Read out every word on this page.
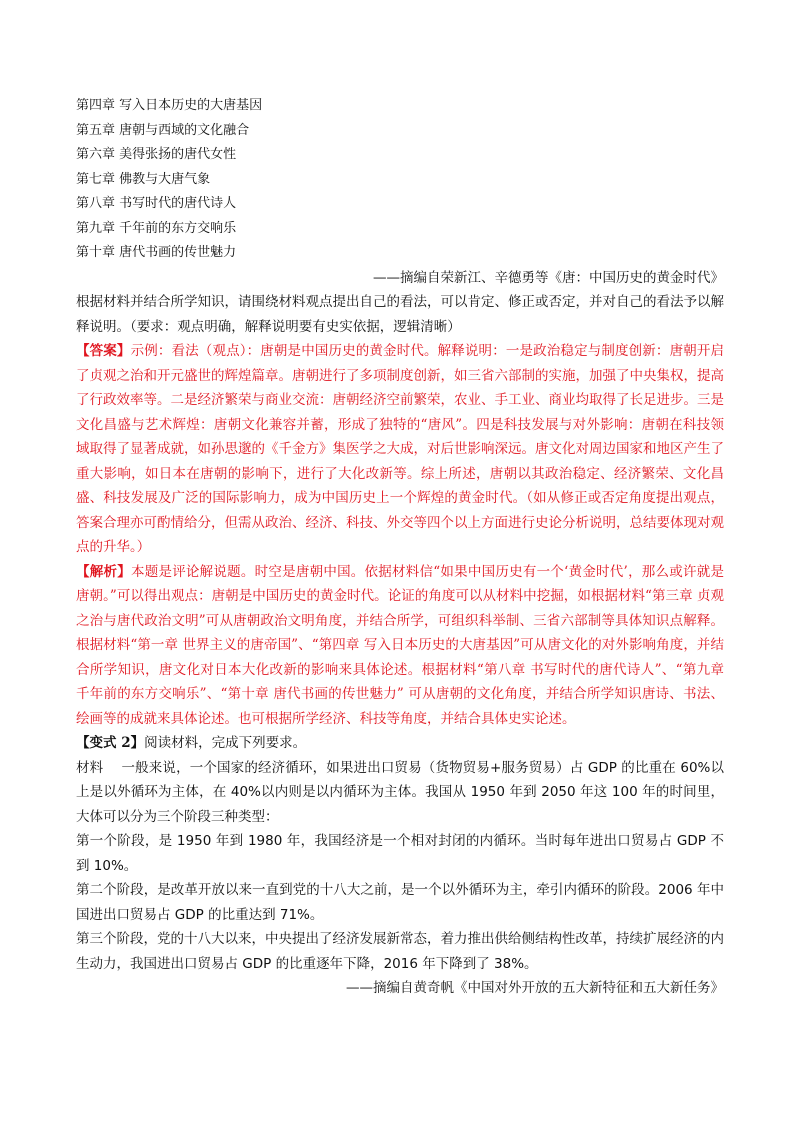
第四章 写入日本历史的大唐基因
第五章 唐朝与西域的文化融合
第六章 美得张扬的唐代女性
第七章 佛教与大唐气象
第八章 书写时代的唐代诗人
第九章 千年前的东方交响乐
第十章 唐代书画的传世魅力
——摘编自荣新江、辛德勇等《唐：中国历史的黄金时代》
根据材料并结合所学知识，请围绕材料观点提出自己的看法，可以肯定、修正或否定，并对自己的看法予以解释说明。（要求：观点明确，解释说明要有史实依据，逻辑清晰）
【答案】示例：看法（观点）：唐朝是中国历史的黄金时代。解释说明：一是政治稳定与制度创新：唐朝开启了贞观之治和开元盛世的辉煌篇章。唐朝进行了多项制度创新，如三省六部制的实施，加强了中央集权，提高了行政效率等。二是经济繁荣与商业交流：唐朝经济空前繁荣，农业、手工业、商业均取得了长足进步。三是文化昌盛与艺术辉煌：唐朝文化兼容并蓄，形成了独特的“唐风”。四是科技发展与对外影响：唐朝在科技领域取得了显著成就，如孙思邈的《千金方》集医学之大成，对后世影响深远。唐文化对周边国家和地区产生了重大影响，如日本在唐朝的影响下，进行了大化改新等。综上所述，唐朝以其政治稳定、经济繁荣、文化昌盛、科技发展及广泛的国际影响力，成为中国历史上一个辉煌的黄金时代。（如从修正或否定角度提出观点，答案合理亦可酌情给分，但需从政治、经济、科技、外交等四个以上方面进行史论分析说明，总结要体现对观点的升华。）
【解析】本题是评论解说题。时空是唐朝中国。依据材料信“如果中国历史有一个‘黄金时代’，那么或许就是唐朝。”可以得出观点：唐朝是中国历史的黄金时代。论证的角度可以从材料中挖掘，如根据材料“第三章 贞观之治与唐代政治文明”可从唐朝政治文明角度，并结合所学，可组织科举制、三省六部制等具体知识点解释。根据材料“第一章 世界主义的唐帝国”、“第四章 写入日本历史的大唐基因”可从唐文化的对外影响角度，并结合所学知识，唐文化对日本大化改新的影响来具体论述。根据材料“第八章 书写时代的唐代诗人”、“第九章 千年前的东方交响乐”、“第十章 唐代书画的传世魅力” 可从唐朝的文化角度，并结合所学知识唐诗、书法、绘画等的成就来具体论述。也可根据所学经济、科技等角度，并结合具体史实论述。
【变式 2】阅读材料，完成下列要求。
材料 一般来说，一个国家的经济循环，如果进出口贸易（货物贸易+服务贸易）占 GDP 的比重在 60%以上是以外循环为主体，在 40%以内则是以内循环为主体。我国从 1950 年到 2050 年这 100 年的时间里，大体可以分为三个阶段三种类型：
第一个阶段，是 1950 年到 1980 年，我国经济是一个相对封闭的内循环。当时每年进出口贸易占 GDP 不到 10%。
第二个阶段，是改革开放以来一直到党的十八大之前，是一个以外循环为主，牵引内循环的阶段。2006 年中国进出口贸易占 GDP 的比重达到 71%。
第三个阶段，党的十八大以来，中央提出了经济发展新常态，着力推出供给侧结构性改革，持续扩展经济的内生动力，我国进出口贸易占 GDP 的比重逐年下降，2016 年下降到了 38%。
——摘编自黄奇帆《中国对外开放的五大新特征和五大新任务》
